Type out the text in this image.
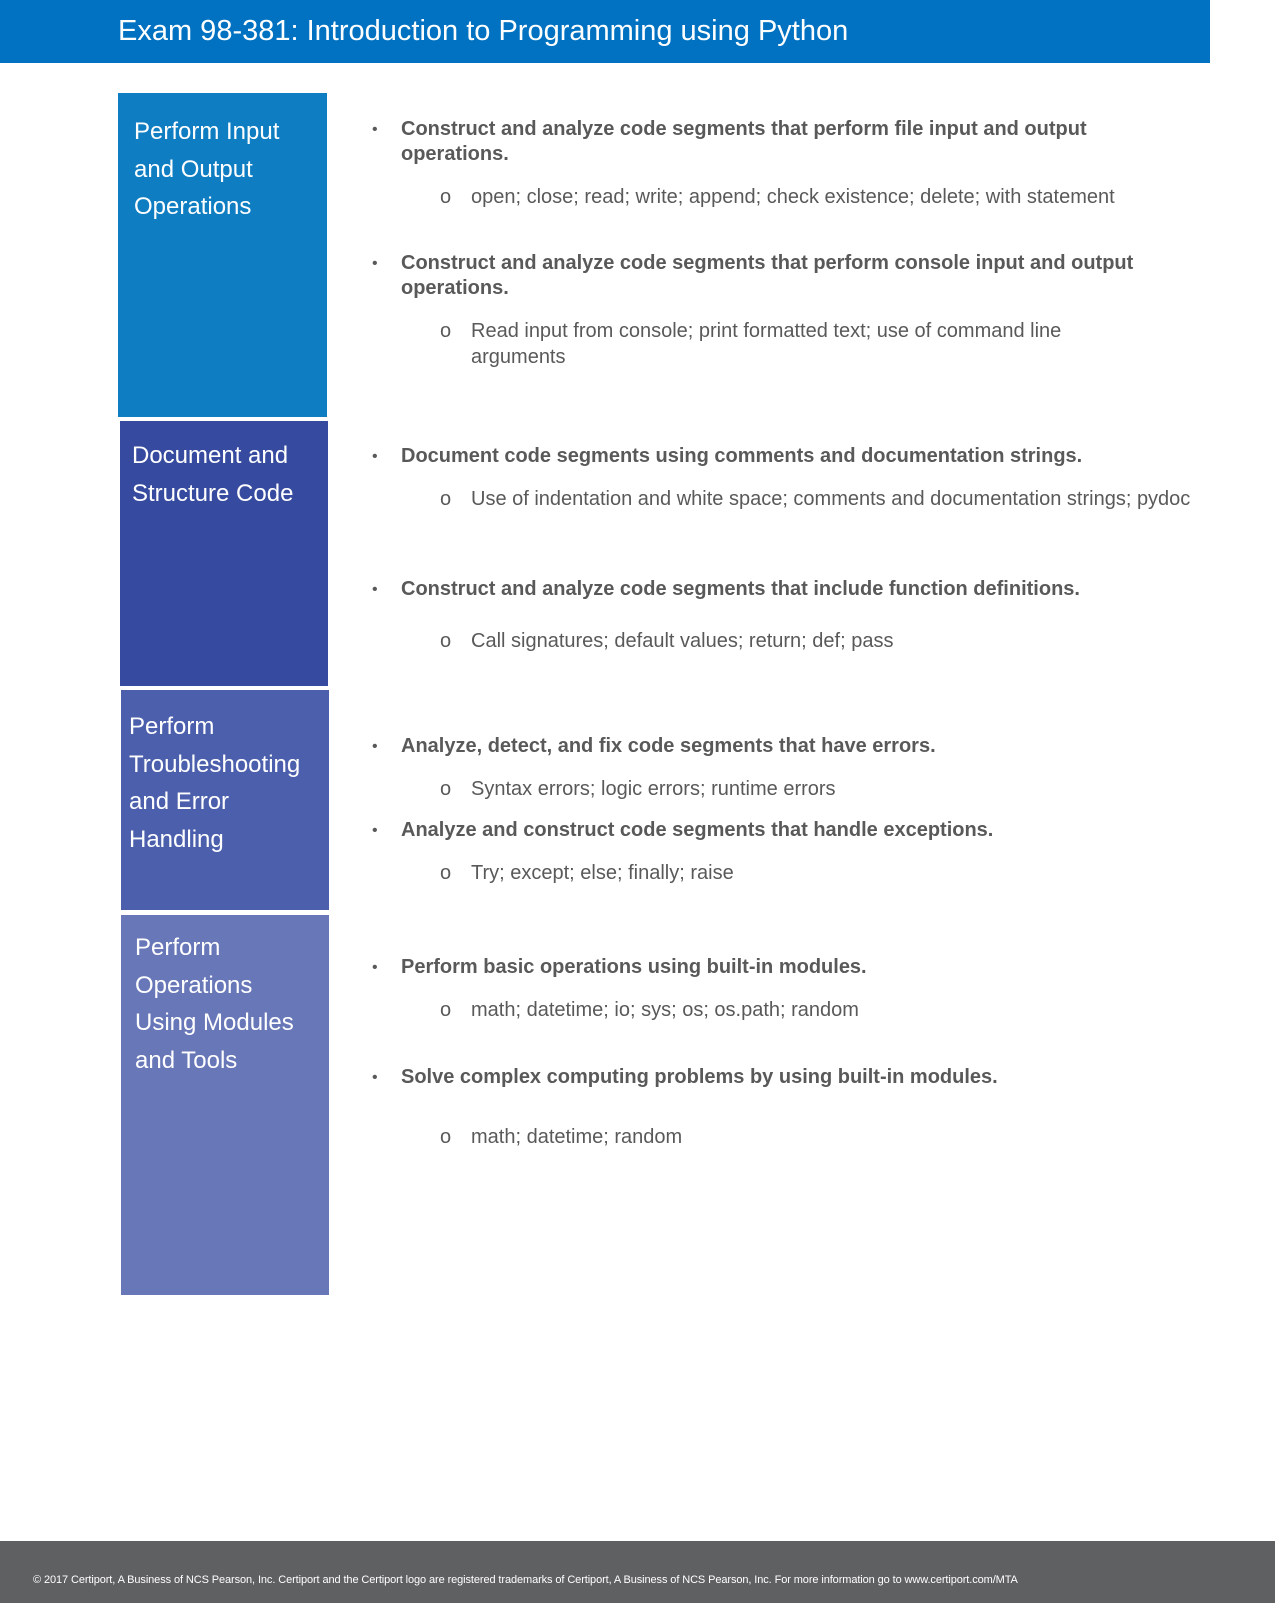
Exam 98-381: Introduction to Programming using Python
Perform Input
and Output
Operations
• Construct and analyze code segments that perform file input and output operations.
o open; close; read; write; append; check existence; delete; with statement
• Construct and analyze code segments that perform console input and output operations.
o Read input from console; print formatted text; use of command line arguments
Document and
Structure Code
• Document code segments using comments and documentation strings.
o Use of indentation and white space; comments and documentation strings; pydoc
• Construct and analyze code segments that include function definitions.
o Call signatures; default values; return; def; pass
Perform
Troubleshooting
and Error
Handling
• Analyze, detect, and fix code segments that have errors.
o Syntax errors; logic errors; runtime errors
• Analyze and construct code segments that handle exceptions.
o Try; except; else; finally; raise
Perform
Operations
Using Modules
and Tools
• Perform basic operations using built-in modules.
o math; datetime; io; sys; os; os.path; random
• Solve complex computing problems by using built-in modules.
o math; datetime; random
© 2017 Certiport, A Business of NCS Pearson, Inc. Certiport and the Certiport logo are registered trademarks of Certiport, A Business of NCS Pearson, Inc. For more information go to www.certiport.com/MTA
